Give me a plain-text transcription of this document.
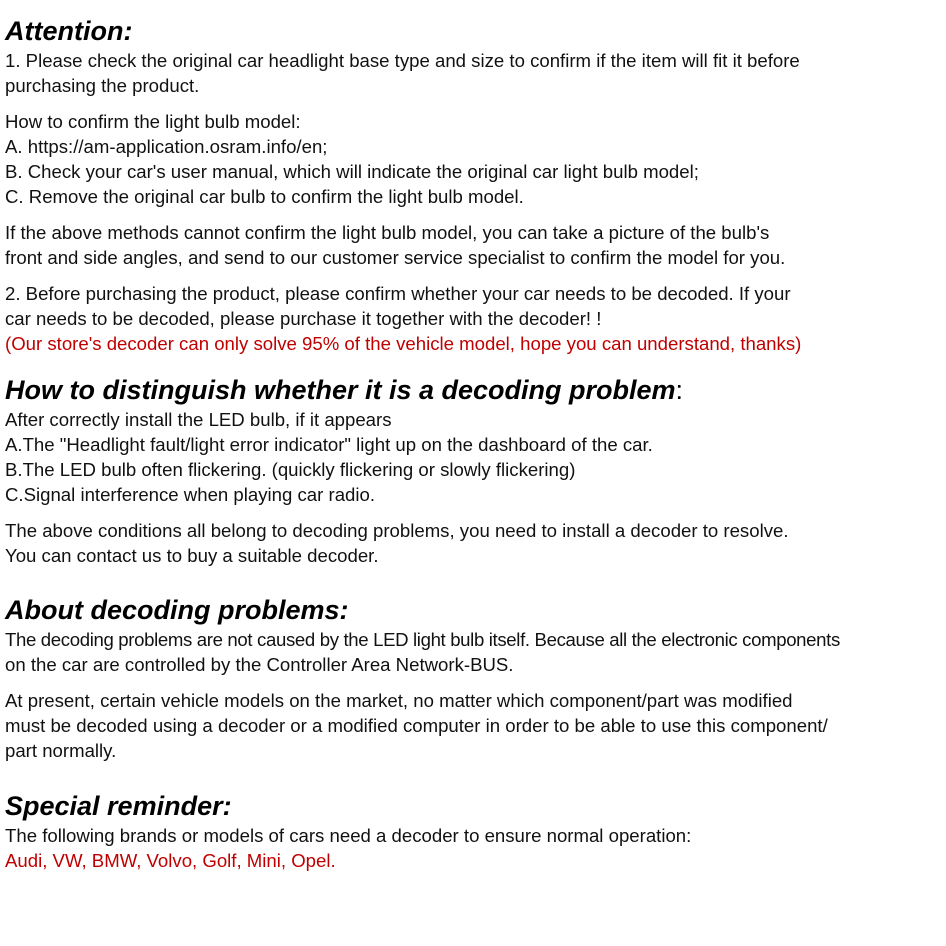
Attention:

1. Please check the original car headlight base type and size to confirm if the item will fit it before

purchasing the product.

How to confirm the light bulb model:

A. https://am-application.osram.info/en;

B. Check your car's user manual, which will indicate the original car light bulb model;

C. Remove the original car bulb to confirm the light bulb model.

If the above methods cannot confirm the light bulb model, you can take a picture of the bulb's

front and side angles, and send to our customer service specialist to confirm the model for you.

2. Before purchasing the product, please confirm whether your car needs to be decoded. If your

car needs to be decoded, please purchase it together with the decoder! !

(Our store's decoder can only solve 95% of the vehicle model, hope you can understand, thanks)

How to distinguish whether it is a decoding problem:

After correctly install the LED bulb, if it appears

A.The "Headlight fault/light error indicator" light up on the dashboard of the car.

B.The LED bulb often flickering. (quickly flickering or slowly flickering)

C.Signal interference when playing car radio.

The above conditions all belong to decoding problems, you need to install a decoder to resolve.

You can contact us to buy a suitable decoder.

About decoding problems:

The decoding problems are not caused by the LED light bulb itself. Because all the electronic components

on the car are controlled by the Controller Area Network-BUS.

At present, certain vehicle models on the market, no matter which component/part was modified

must be decoded using a decoder or a modified computer in order to be able to use this component/

part normally.

Special reminder:

The following brands or models of cars need a decoder to ensure normal operation:

Audi, VW, BMW, Volvo, Golf, Mini, Opel.
